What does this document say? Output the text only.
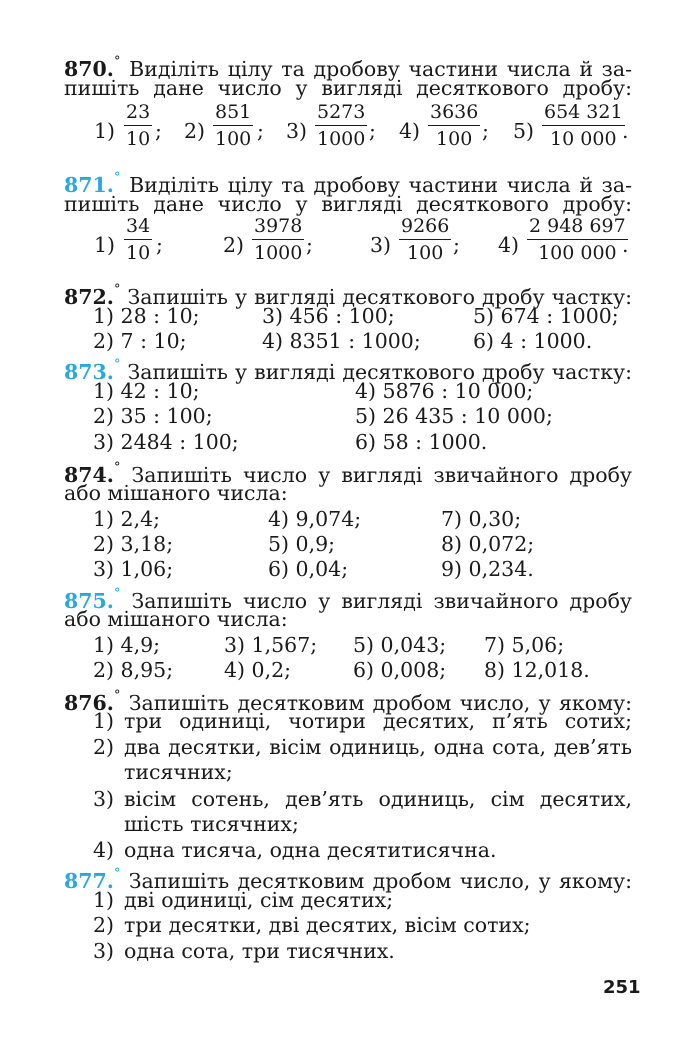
870.° Виділіть цілу та дробову частини числа й за-
пишіть дане число у вигляді десяткового дробу:
$1) \frac{23}{10}$ ; $2) \frac{851}{100}$ ; $3) \frac{5273}{1000}$ ; $4) \frac{3636}{100}$ ; $5) \frac{654 321}{10 000}$
.
871.° Виділіть цілу та дробову частини числа й за-
пишіть дане число у вигляді десяткового дробу:
$1) \frac{34}{10}$ ;	$2) \frac{3978}{1000}$ ;	$3) \frac{9266}{100}$ ; $4) \frac{2 948 697}{100 000}$
.
872.° Запишіть у вигляді десяткового дробу частку:
1) 28 : 10;	3) 456 : 100;	5) 674 : 1000;
2) 7 : 10;	4) 8351 : 1000;	6) 4 : 1000.
873.° Запишіть у вигляді десяткового дробу частку:
1) 42 : 10;	4) 5876 : 10 000;
2) 35 : 100;	5) 26 435 : 10 000;
3) 2484 : 100;	6) 58 : 1000.
874.° Запишіть число у вигляді звичайного дробу
або мішаного числа:
1) 2,4;	4) 9,074;	7) 0,30;
2) 3,18;	5) 0,9;	8) 0,072;
3) 1,06;	6) 0,04;	9) 0,234.
875.° Запишіть число у вигляді звичайного дробу
або мішаного числа:
1) 4,9;	3) 1,567; 5) 0,043; 7) 5,06;
2) 8,95; 4) 0,2;	6) 0,008; 8) 12,018.
876.° Запишіть десятковим дробом число, у якому:
1) три одиниці, чотири десятих, п’ять сотих;
2) два десятки, вісім одиниць, одна сота, дев’ять
тисячних;
3) вісім сотень, дев’ять одиниць, сім десятих,
шість тисячних;
4) одна тисяча, одна десятитисячна.
877.° Запишіть десятковим дробом число, у якому:
1) дві одиниці, сім десятих;
2) три десятки, дві десятих, вісім сотих;
3) одна сота, три тисячних.
251
